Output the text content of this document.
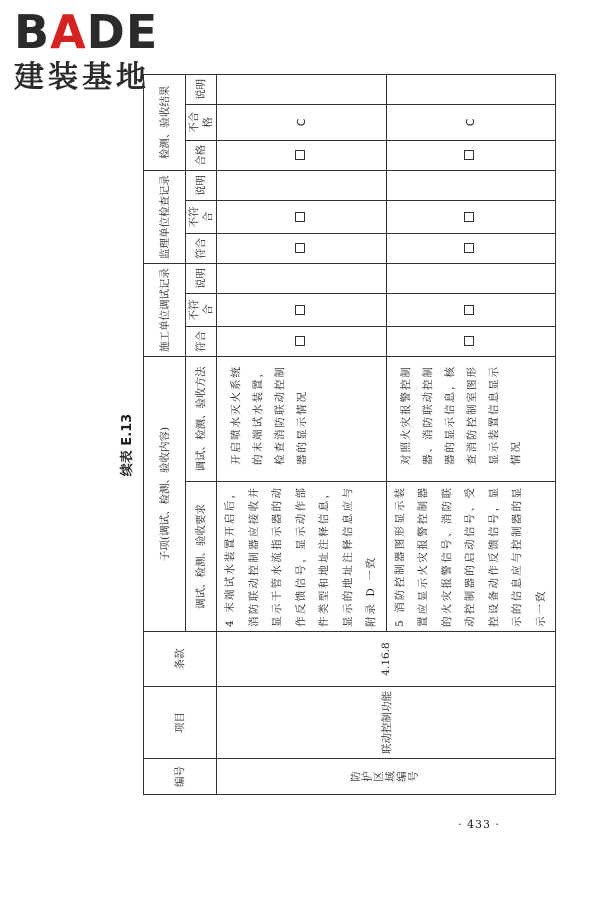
BADE
建装基地
续表 E.13
编号	项目	条款	子项(调试、检测、验收内容)		施工单位调试记录			监理单位检查记录			检测、验收结果		
			调试、检测、验收要求	调试、检测、验收方法	符合	不符合	说明	符合	不符合	说明	合格	不合格	说明
防护区域编号	联动控制功能	4.16.8	4 末端试水装置开启后，消防联动控制器应接收并显示干管水流指示器的动作反馈信号，显示动作部件类型和地址注释信息，显示的地址注释信息应与附录 D 一致	开启喷水灭火系统的末端试水装置，检查消防联动控制器的显示情况								C	
			5 消防控制器图形显示装置应显示火灾报警控制器的火灾报警信号、消防联动控制器的启动信号、受控设备动作反馈信号，显示的信息应与控制器的显示一致	对照火灾报警控制器、消防联动控制器的显示信息，核查消防控制室图形显示装置信息显示情况								C	
· 433 ·
